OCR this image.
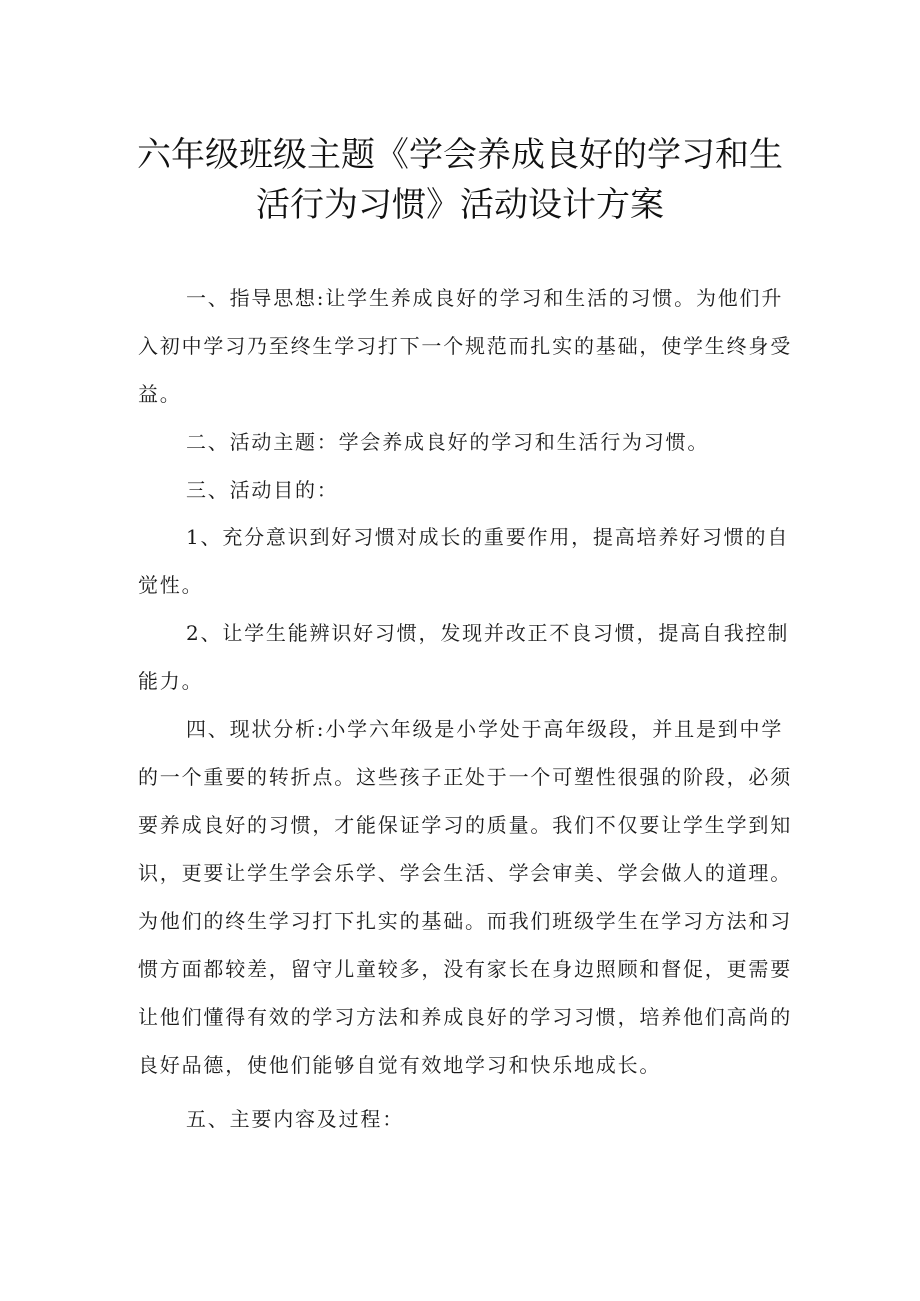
六年级班级主题《学会养成良好的学习和生
活行为习惯》活动设计方案
一、指导思想:让学生养成良好的学习和生活的习惯。为他们升
入初中学习乃至终生学习打下一个规范而扎实的基础，使学生终身受
益。
二、活动主题：学会养成良好的学习和生活行为习惯。
三、活动目的：
1、充分意识到好习惯对成长的重要作用，提高培养好习惯的自
觉性。
2、让学生能辨识好习惯，发现并改正不良习惯，提高自我控制
能力。
四、现状分析:小学六年级是小学处于高年级段，并且是到中学
的一个重要的转折点。这些孩子正处于一个可塑性很强的阶段，必须
要养成良好的习惯，才能保证学习的质量。我们不仅要让学生学到知
识，更要让学生学会乐学、学会生活、学会审美、学会做人的道理。
为他们的终生学习打下扎实的基础。而我们班级学生在学习方法和习
惯方面都较差，留守儿童较多，没有家长在身边照顾和督促，更需要
让他们懂得有效的学习方法和养成良好的学习习惯，培养他们高尚的
良好品德，使他们能够自觉有效地学习和快乐地成长。
五、主要内容及过程：
